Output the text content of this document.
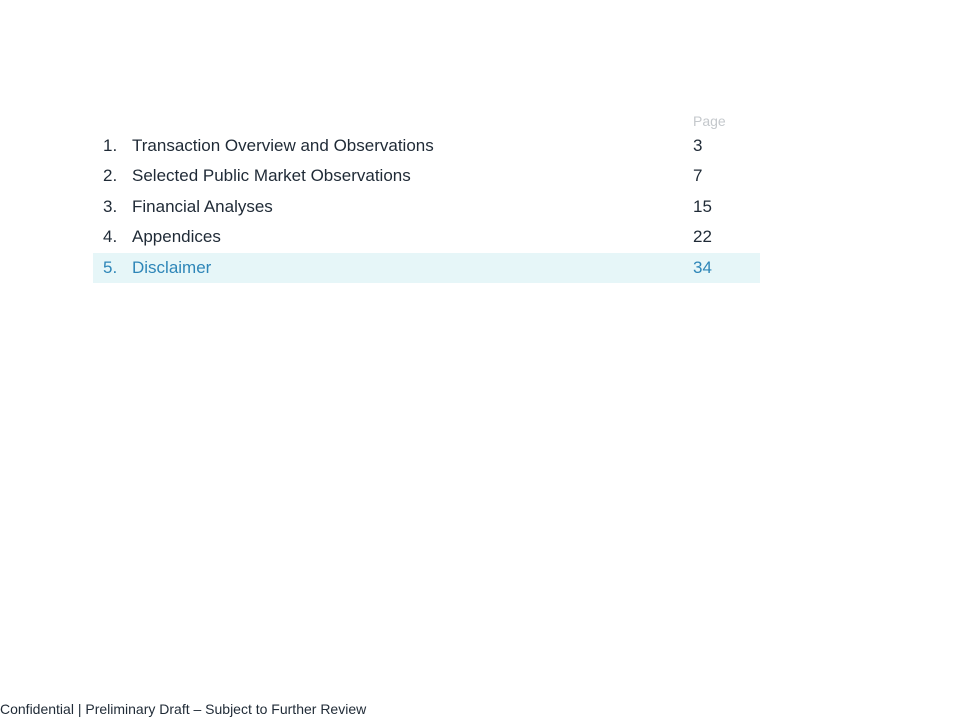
Page
1. Transaction Overview and Observations	3
2. Selected Public Market Observations	7
3. Financial Analyses	15
4. Appendices	22
5. Disclaimer	34
Confidential | Preliminary Draft – Subject to Further Review
